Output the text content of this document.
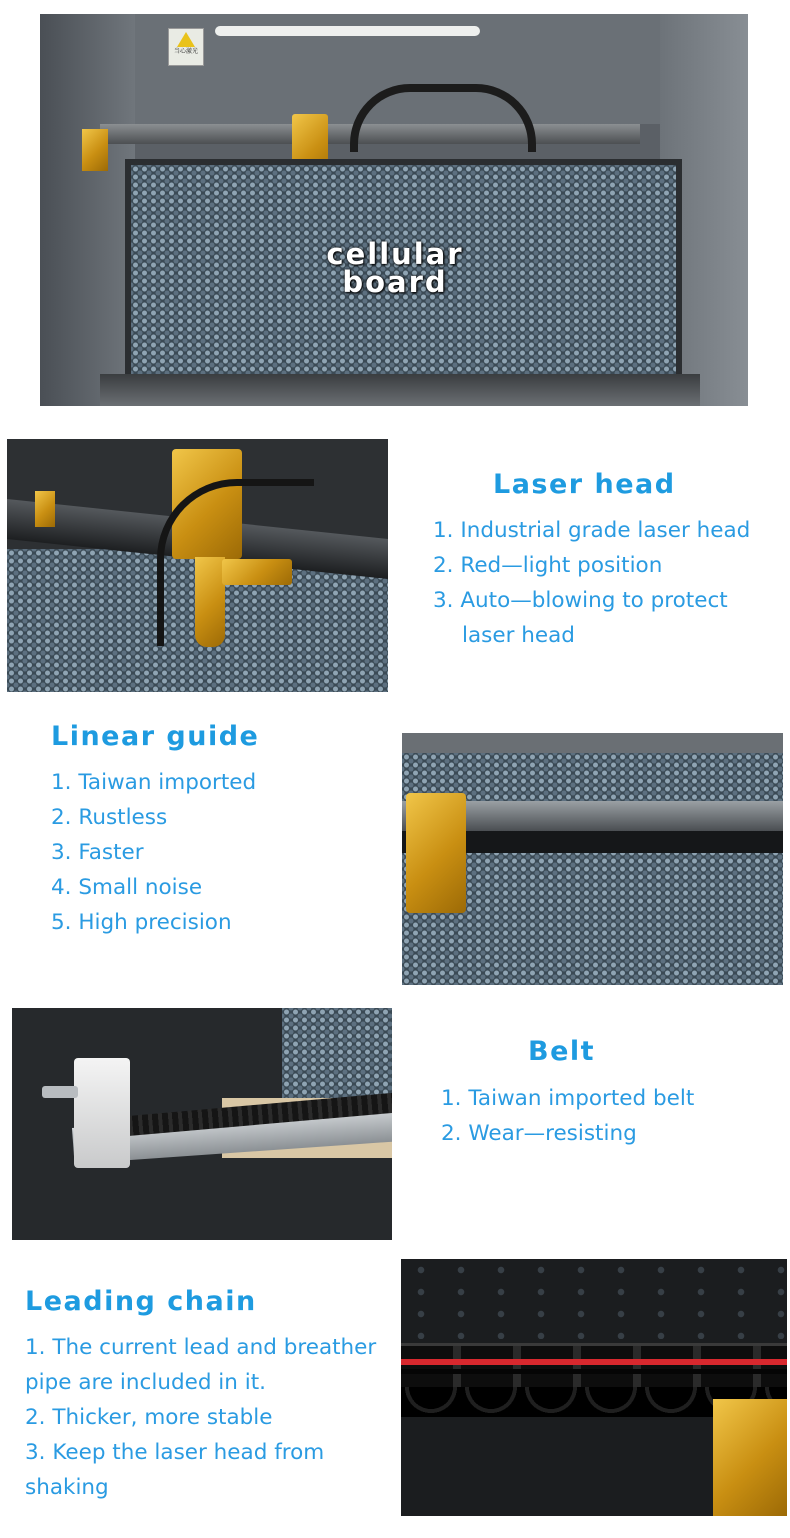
当心激光
cellular
board
Laser head
1. Industrial grade laser head
2. Red—light position
3. Auto—blowing to protect
laser head
Linear guide
1. Taiwan imported
2. Rustless
3. Faster
4. Small noise
5. High precision
Belt
1. Taiwan imported belt
2. Wear—resisting
Leading chain
1. The current lead and breather
pipe are included in it.
2. Thicker, more stable
3. Keep the laser head from
shaking
